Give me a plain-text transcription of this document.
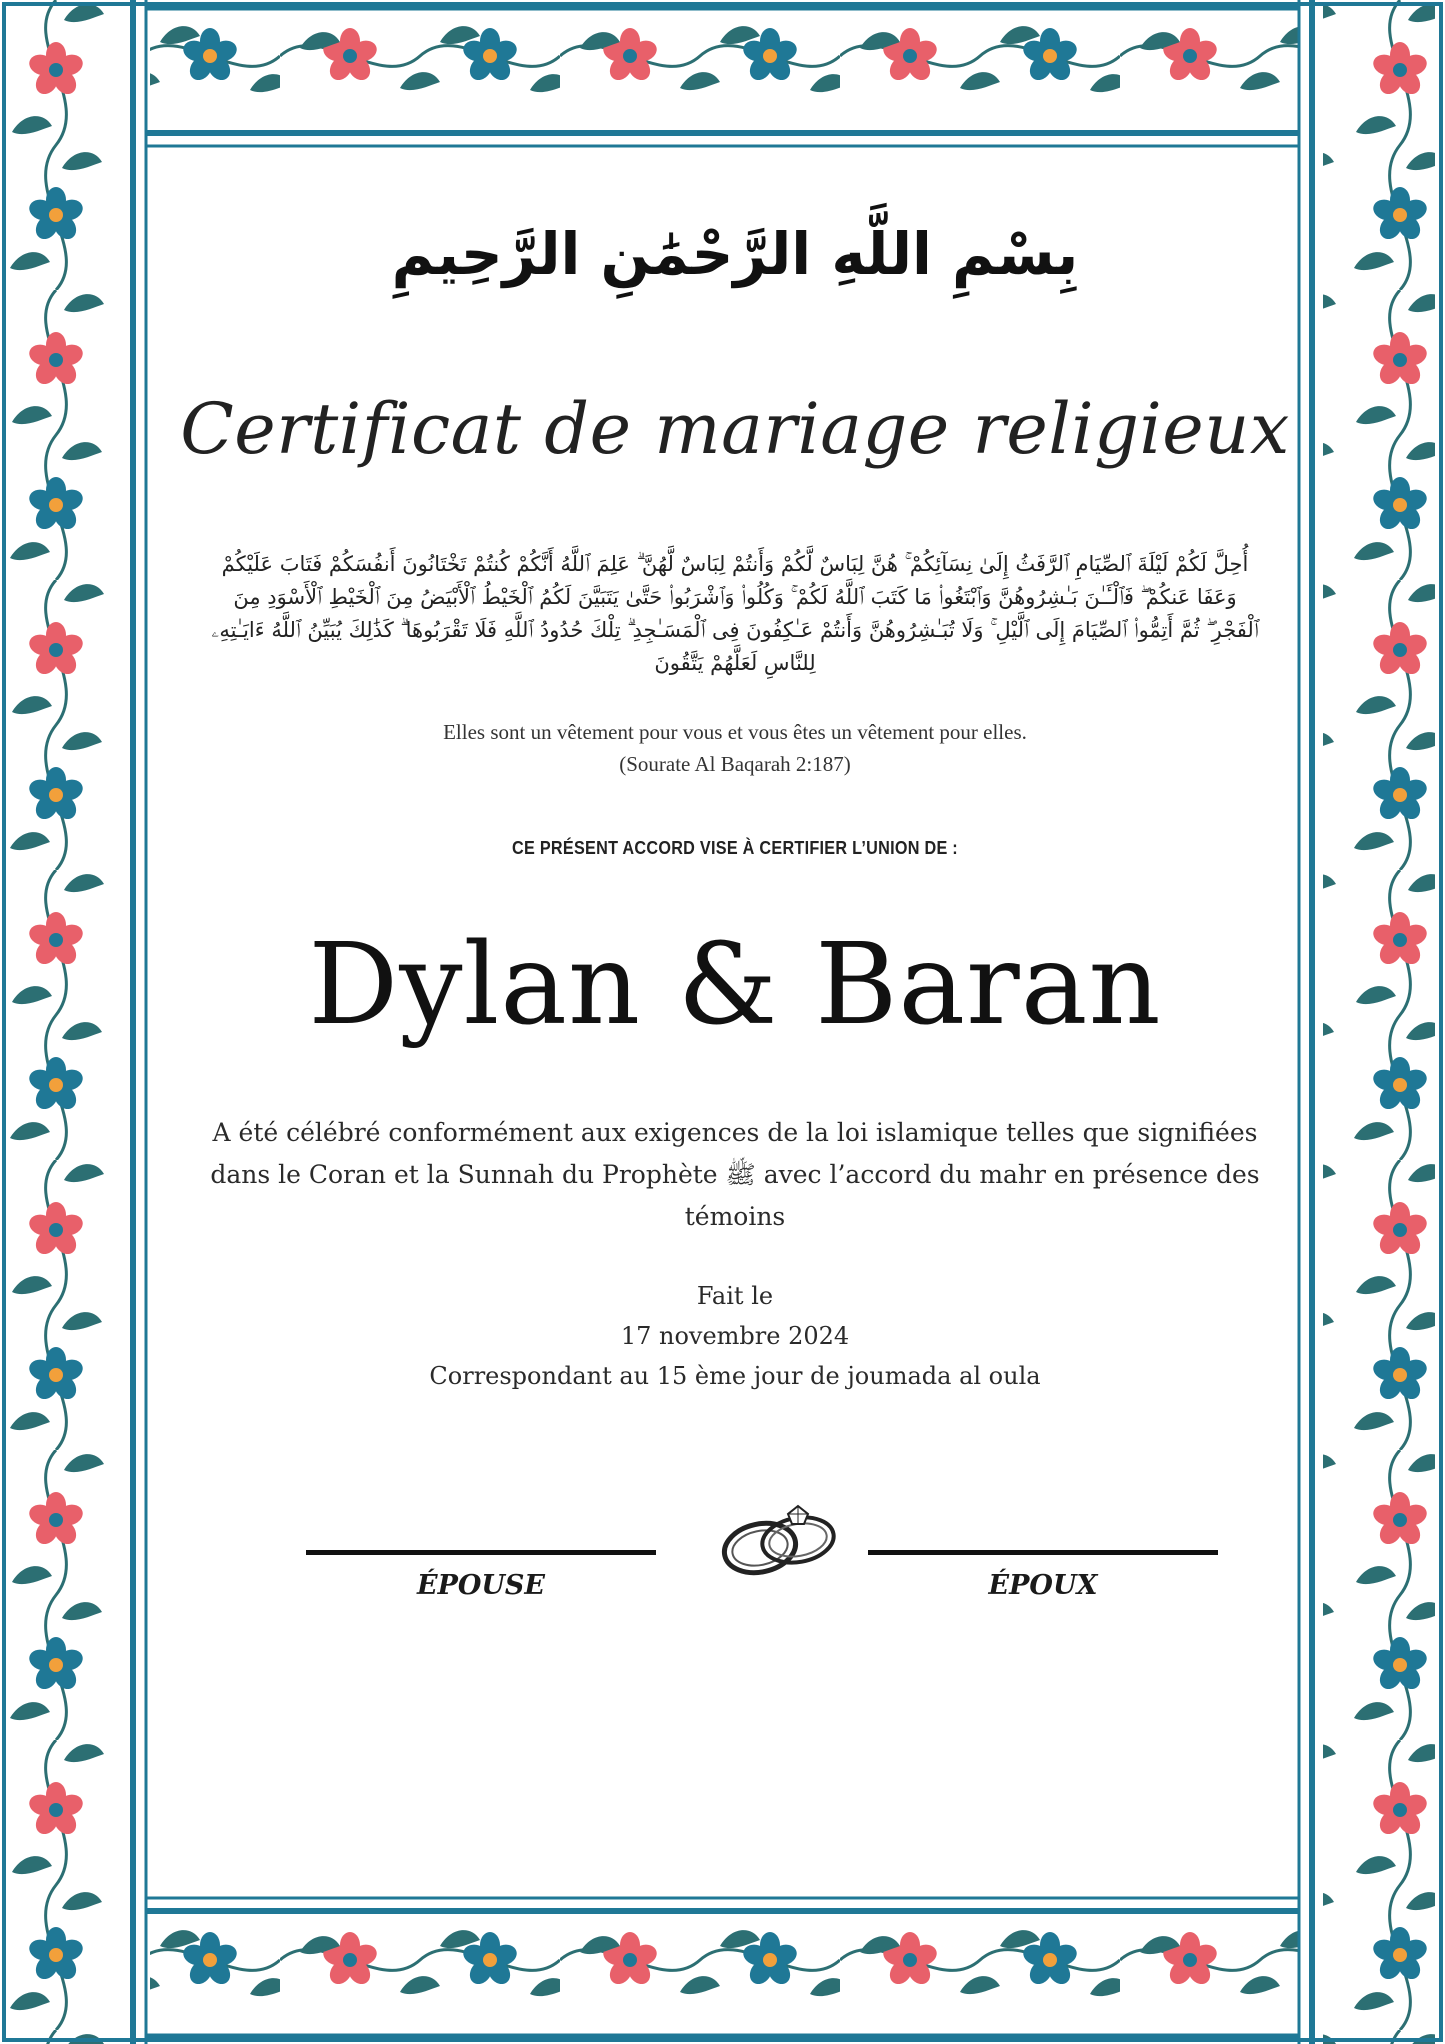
بِسْمِ اللَّهِ الرَّحْمَٰنِ الرَّحِيمِ
Certificat de mariage religieux
أُحِلَّ لَكُمْ لَيْلَةَ ٱلصِّيَامِ ٱلرَّفَثُ إِلَىٰ نِسَآئِكُمْ ۚ هُنَّ لِبَاسٌ لَّكُمْ وَأَنتُمْ لِبَاسٌ لَّهُنَّ ۗ عَلِمَ ٱللَّهُ أَنَّكُمْ كُنتُمْ تَخْتَانُونَ أَنفُسَكُمْ فَتَابَ عَلَيْكُمْ وَعَفَا عَنكُمْ ۖ فَٱلْـَٔـٰنَ بَـٰشِرُوهُنَّ وَٱبْتَغُوا۟ مَا كَتَبَ ٱللَّهُ لَكُمْ ۚ وَكُلُوا۟ وَٱشْرَبُوا۟ حَتَّىٰ يَتَبَيَّنَ لَكُمُ ٱلْخَيْطُ ٱلْأَبْيَضُ مِنَ ٱلْخَيْطِ ٱلْأَسْوَدِ مِنَ ٱلْفَجْرِ ۖ ثُمَّ أَتِمُّوا۟ ٱلصِّيَامَ إِلَى ٱلَّيْلِ ۚ وَلَا تُبَـٰشِرُوهُنَّ وَأَنتُمْ عَـٰكِفُونَ فِى ٱلْمَسَـٰجِدِ ۗ تِلْكَ حُدُودُ ٱللَّهِ فَلَا تَقْرَبُوهَا ۗ كَذَٰلِكَ يُبَيِّنُ ٱللَّهُ ءَايَـٰتِهِۦ لِلنَّاسِ لَعَلَّهُمْ يَتَّقُونَ
Elles sont un vêtement pour vous et vous êtes un vêtement pour elles.
(Sourate Al Baqarah 2:187)
CE PRÉSENT ACCORD VISE À CERTIFIER L’UNION DE :
Dylan & Baran
A été célébré conformément aux exigences de la loi islamique telles que signifiées dans le Coran et la Sunnah du Prophète ﷺ avec l’accord du mahr en présence des témoins
Fait le
17 novembre 2024
Correspondant au 15 ème jour de joumada al oula
ÉPOUSE	ÉPOUX
